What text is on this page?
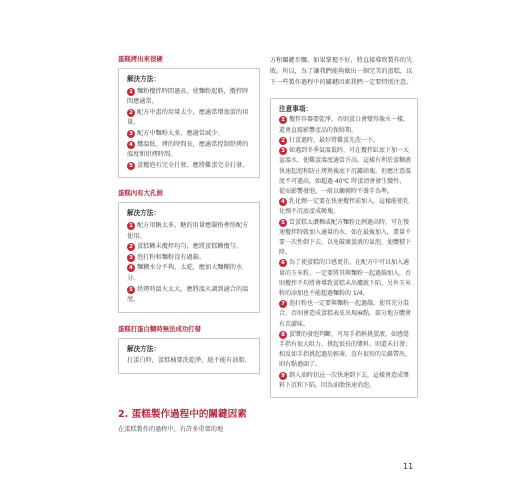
蛋糕烤出來很硬
解決方法：
1 麵粉攪拌時間過長，使麵粉起筋，攪拌時間應適當。
2 配方中蛋的用量太少，應適當增加蛋的用量。
3 配方中麵粉太多，應適當減少。
4 爐溫低、烤的時間長，應適當控制烘烤的溫度和烘烤時間。
5 蛋攪泡有完全打發，應將雞蛋完全打發。
蛋糕內有大孔洞
解決方法：
1 配方用糖太多，糖的用量應嚴格參照配方使用。
2 蛋糕糊未攪拌均勻，應將蛋糕糊攪勻。
3 泡打粉和麵粉沒有過篩。
4 麵糊水分不夠，太乾，應加大麵糊的水分。
5 烘烤時溫火太大，應將溫火調到適合的溫度。
蛋糕打蛋白糊時無法成功打發
解決方法：
打蛋白時，蛋糕桶要洗乾淨，絕不能有油脂。
方和關鍵步驟。如果掌握不好，將直接導致製作的失敗。所以，為了讓我們能夠做出一個完美的蛋糕，以下一些製作過程中的關鍵因素我們一定要特別注意。
注意事項：
1 攪拌容器要乾淨，否則蛋白會變得像水一樣，還會直接影響產品的保鮮期。
2 打蛋過時，最好將雞蛋先洗一下。
3 如遇到冬季氣溫低時，可在攪拌缸底下加一大盆溫水，使雞蛋溫度適當升高。這樣有利於蛋糊液快速起泡和防止烤熟後底下沉澱結塊。但應注意溫度不可過高，如超過 40℃ 時蛋清會發生變性，從而影響發泡。一般以觸摸時不燙手為準。
4 乳化劑一定要在快速攪拌前加入，這樣能使乳化劑不沉底產成硬塊。
5 當蛋糕太濃稠或配方麵粉比例過高時，可在慢速攪拌時就加入適量的水，如在最後加入，盡量不要一次性倒下去，以免破壞蛋液的氣泡，使體積下降。
6 為了使蛋糕的口感更佳，在配方中可以加入適量的玉米粉，一定要將其與麵粉一起過篩加入，否則攪拌不均將會導致蛋糕未出爐就下陷。另外玉米粉的添加也不能超過麵粉的 1/4。
7 泡打粉也一定要與麵粉一起過篩，使其充分混合，否則會造成蛋糕表皮出現麻點，部分地方體會有苦澀味。
8 蛋漿的發泡判斷，可用手指輕挑蛋液，如感覺手指有很大阻力，挑起很長的漿料，則還未打發；相反如手指挑起過於輕薄，沒有很短的尖錐帶出，則有點過頭了。
9 倒入油時切忌一次快速倒下去，這樣會造成漿料下沉和下陷，因為油脂快速消泡。
2. 蛋糕製作過程中的關鍵因素
在蛋糕製作的過程中，有許多重要的地
11
